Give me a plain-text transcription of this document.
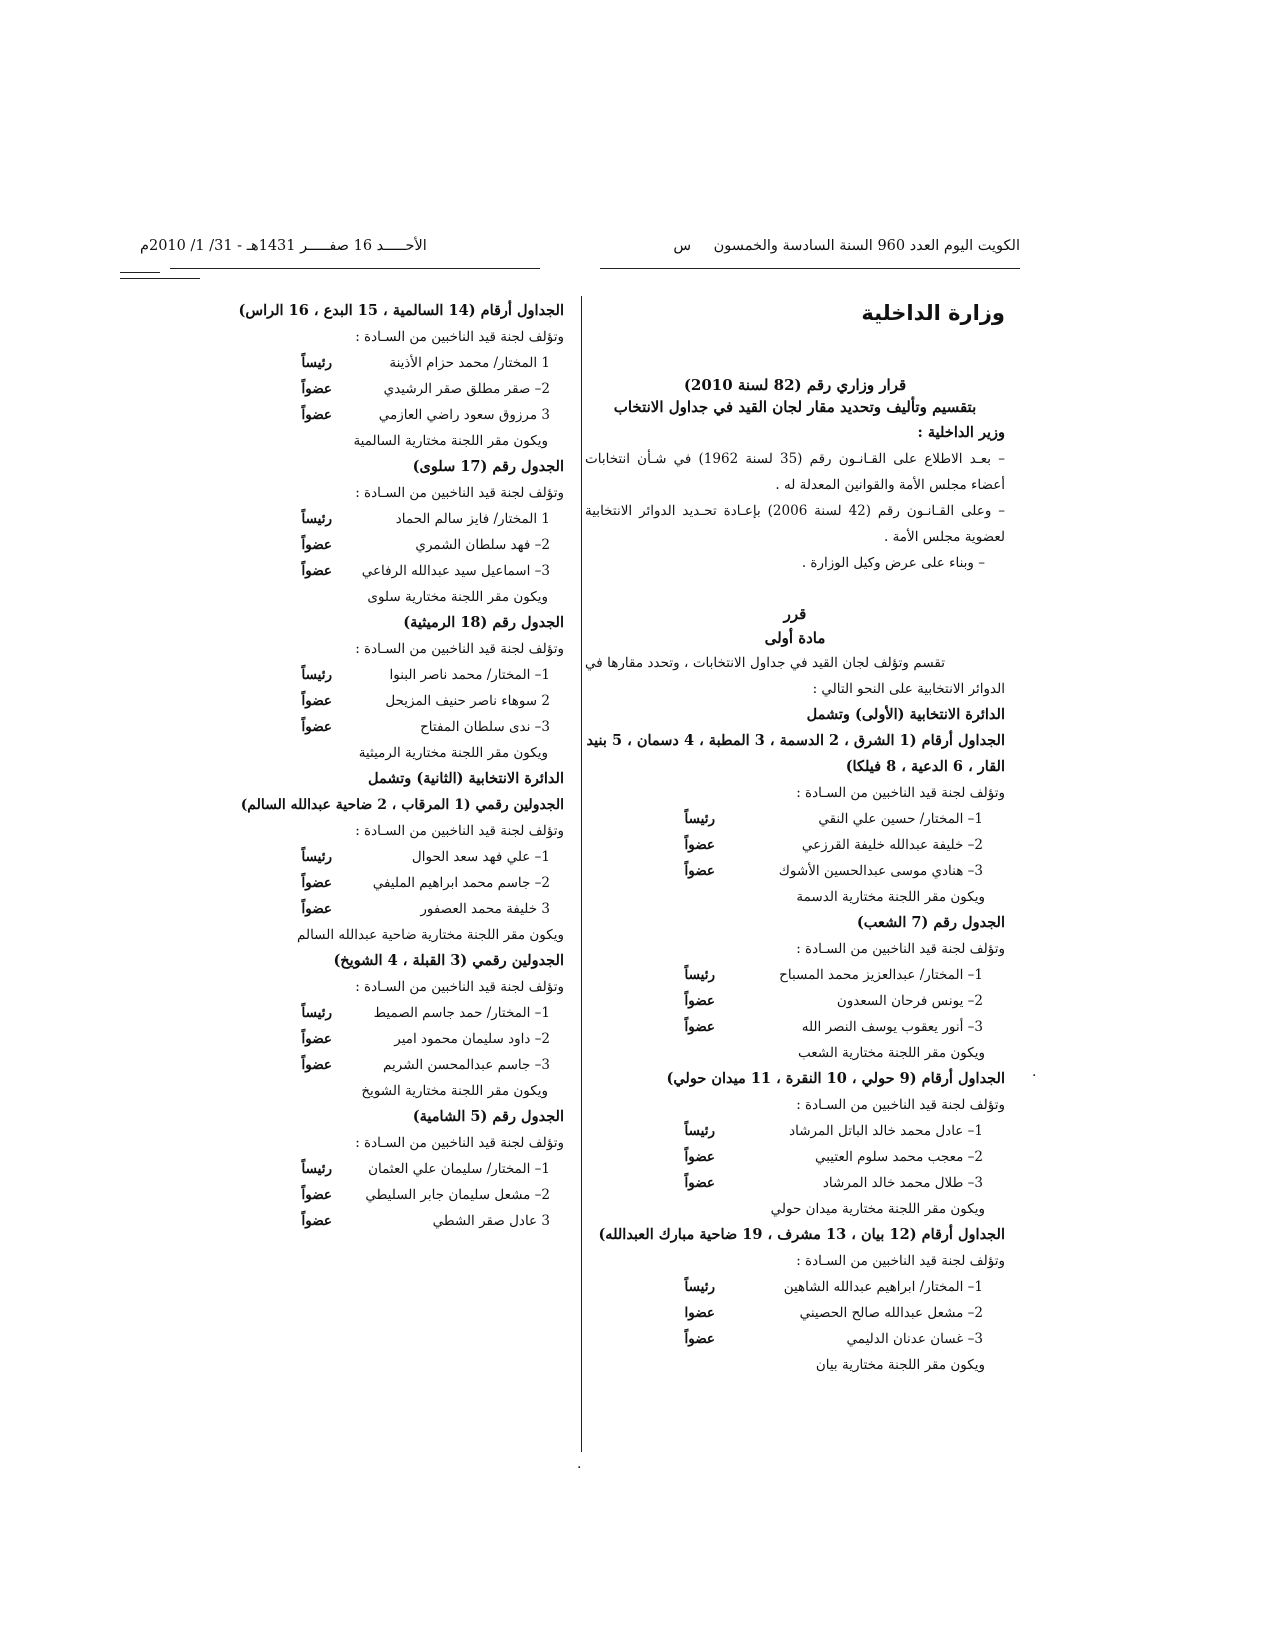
الكويت اليوم العدد 960 السنة السادسة والخمسون س
الأحـــــد 16 صفـــــر 1431هـ - 31/ 1/ 2010م
وزارة الداخلية
قرار وزاري رقم (82 لسنة 2010)
بتقسيم وتأليف وتحديد مقار لجان القيد في جداول الانتخاب
وزير الداخلية :
– بعـد الاطلاع على القـانـون رقم (35 لسنة 1962) في شـأن انتخابات أعضاء مجلس الأمة والقوانين المعدلة له .
– وعلى القـانـون رقم (42 لسنة 2006) بإعـادة تحـديد الدوائر الانتخابية لعضوية مجلس الأمة .
– وبناء على عرض وكيل الوزارة .
قرر
مادة أولى
تقسم وتؤلف لجان القيد في جداول الانتخابات ، وتحدد مقارها في الدوائر الانتخابية على النحو التالي :
الدائرة الانتخابية (الأولى) وتشمل
الجداول أرقام (1 الشرق ، 2 الدسمة ، 3 المطبة ، 4 دسمان ، 5 بنيد القار ، 6 الدعية ، 8 فيلكا)
وتؤلف لجنة قيد الناخبين من السـادة :
1– المختار/ حسين علي النقي
رئيساً
2– خليفة عبدالله خليفة القرزعي
عضواً
3– هنادي موسى عبدالحسين الأشوك
عضواً
ويكون مقر اللجنة مختارية الدسمة
الجدول رقم (7 الشعب)
وتؤلف لجنة قيد الناخبين من السـادة :
1– المختار/ عبدالعزيز محمد المسباح
رئيساً
2– يونس فرحان السعدون
عضواً
3– أنور يعقوب يوسف النصر الله
عضواً
ويكون مقر اللجنة مختارية الشعب
الجداول أرقام (9 حولي ، 10 النقرة ، 11 ميدان حولي)
وتؤلف لجنة قيد الناخبين من السـادة :
1– عادل محمد خالد الباتل المرشاد
رئيساً
2– معجب محمد سلوم العتيبي
عضواً
3– طلال محمد خالد المرشاد
عضواً
ويكون مقر اللجنة مختارية ميدان حولي
الجداول أرقام (12 بيان ، 13 مشرف ، 19 ضاحية مبارك العبدالله)
وتؤلف لجنة قيد الناخبين من السـادة :
1– المختار/ ابراهيم عبدالله الشاهين
رئيساً
2– مشعل عبدالله صالح الحصيني
عضوا
3– غسان عدنان الدليمي
عضواً
ويكون مقر اللجنة مختارية بيان
الجداول أرقام (14 السالمية ، 15 البدع ، 16 الراس)
وتؤلف لجنة قيد الناخبين من السـادة :
1 المختار/ محمد حزام الأذينة
رئيساً
2– صقر مطلق صقر الرشيدي
عضواً
3 مرزوق سعود راضي العازمي
عضواً
ويكون مقر اللجنة مختارية السالمية
الجدول رقم (17 سلوى)
وتؤلف لجنة قيد الناخبين من السـادة :
1 المختار/ فايز سالم الحماد
رئيساً
2– فهد سلطان الشمري
عضواً
3– اسماعيل سيد عبدالله الرفاعي
عضواً
ويكون مقر اللجنة مختارية سلوى
الجدول رقم (18 الرميثية)
وتؤلف لجنة قيد الناخبين من السـادة :
1– المختار/ محمد ناصر البنوا
رئيساً
2 سوهاء ناصر حنيف المزيحل
عضواً
3– ندى سلطان المفتاح
عضواً
ويكون مقر اللجنة مختارية الرميثية
الدائرة الانتخابية (الثانية) وتشمل
الجدولين رقمي (1 المرقاب ، 2 ضاحية عبدالله السالم)
وتؤلف لجنة قيد الناخبين من السـادة :
1– علي فهد سعد الحوال
رئيساً
2– جاسم محمد ابراهيم المليفي
عضواً
3 خليفة محمد العصفور
عضواً
ويكون مقر اللجنة مختارية ضاحية عبدالله السالم
الجدولين رقمي (3 القبلة ، 4 الشويخ)
وتؤلف لجنة قيد الناخبين من السـادة :
1– المختار/ حمد جاسم الصميط
رئيساً
2– داود سليمان محمود امير
عضواً
3– جاسم عبدالمحسن الشريم
عضواً
ويكون مقر اللجنة مختارية الشويخ
الجدول رقم (5 الشامية)
وتؤلف لجنة قيد الناخبين من السـادة :
1– المختار/ سليمان علي العثمان
رئيساً
2– مشعل سليمان جابر السليطي
عضواً
3 عادل صقر الشطي
عضواً
·
·
